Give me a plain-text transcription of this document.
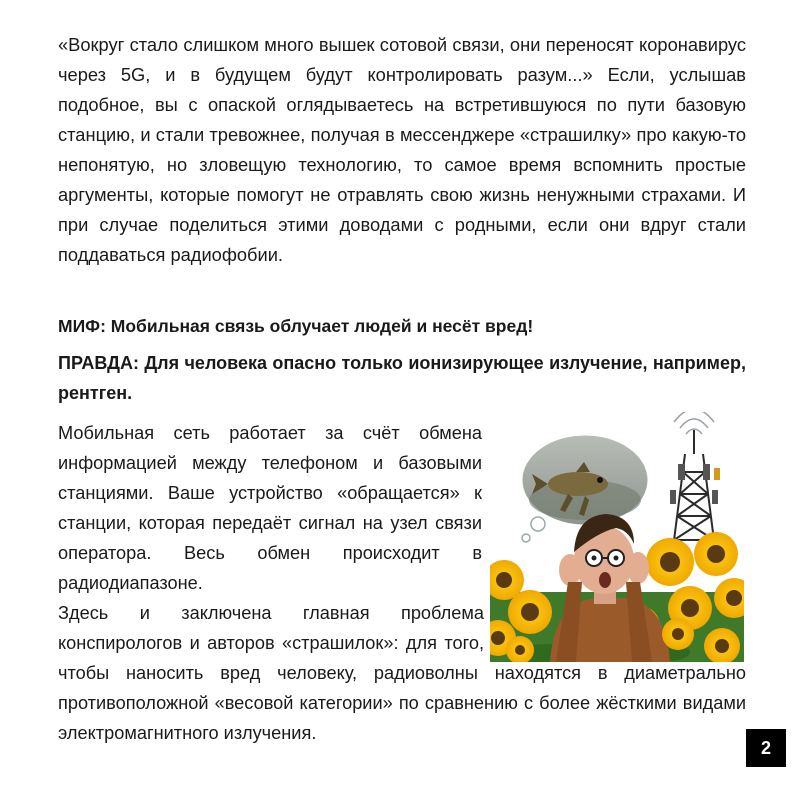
«Вокруг стало слишком много вышек сотовой связи, они переносят коронавирус через 5G, и в будущем будут контролировать разум...» Если, услышав подобное, вы с опаской оглядываетесь на встретившуюся по пути базовую станцию, и стали тревожнее, получая в мессенджере «страшилку» про какую-то непонятую, но зловещую технологию, то самое время вспомнить простые аргументы, которые помогут не отравлять свою жизнь ненужными страхами. И при случае поделиться этими доводами с родными, если они вдруг стали поддаваться радиофобии.

МИФ: Мобильная связь облучает людей и несёт вред!

ПРАВДА: Для человека опасно только ионизирующее излучение, например, рентген.

Мобильная сеть работает за счёт обмена информацией между телефоном и базовыми станциями. Ваше устройство «обращается» к станции, которая передаёт сигнал на узел связи оператора. Весь обмен происходит в радиодиапазоне.

Здесь и заключена главная проблема конспирологов и авторов «страшилок»: для того, чтобы наносить вред человеку, радиоволны находятся в диаметрально противоположной «весовой категории» по сравнению с более жёсткими видами электромагнитного излучения.

2
